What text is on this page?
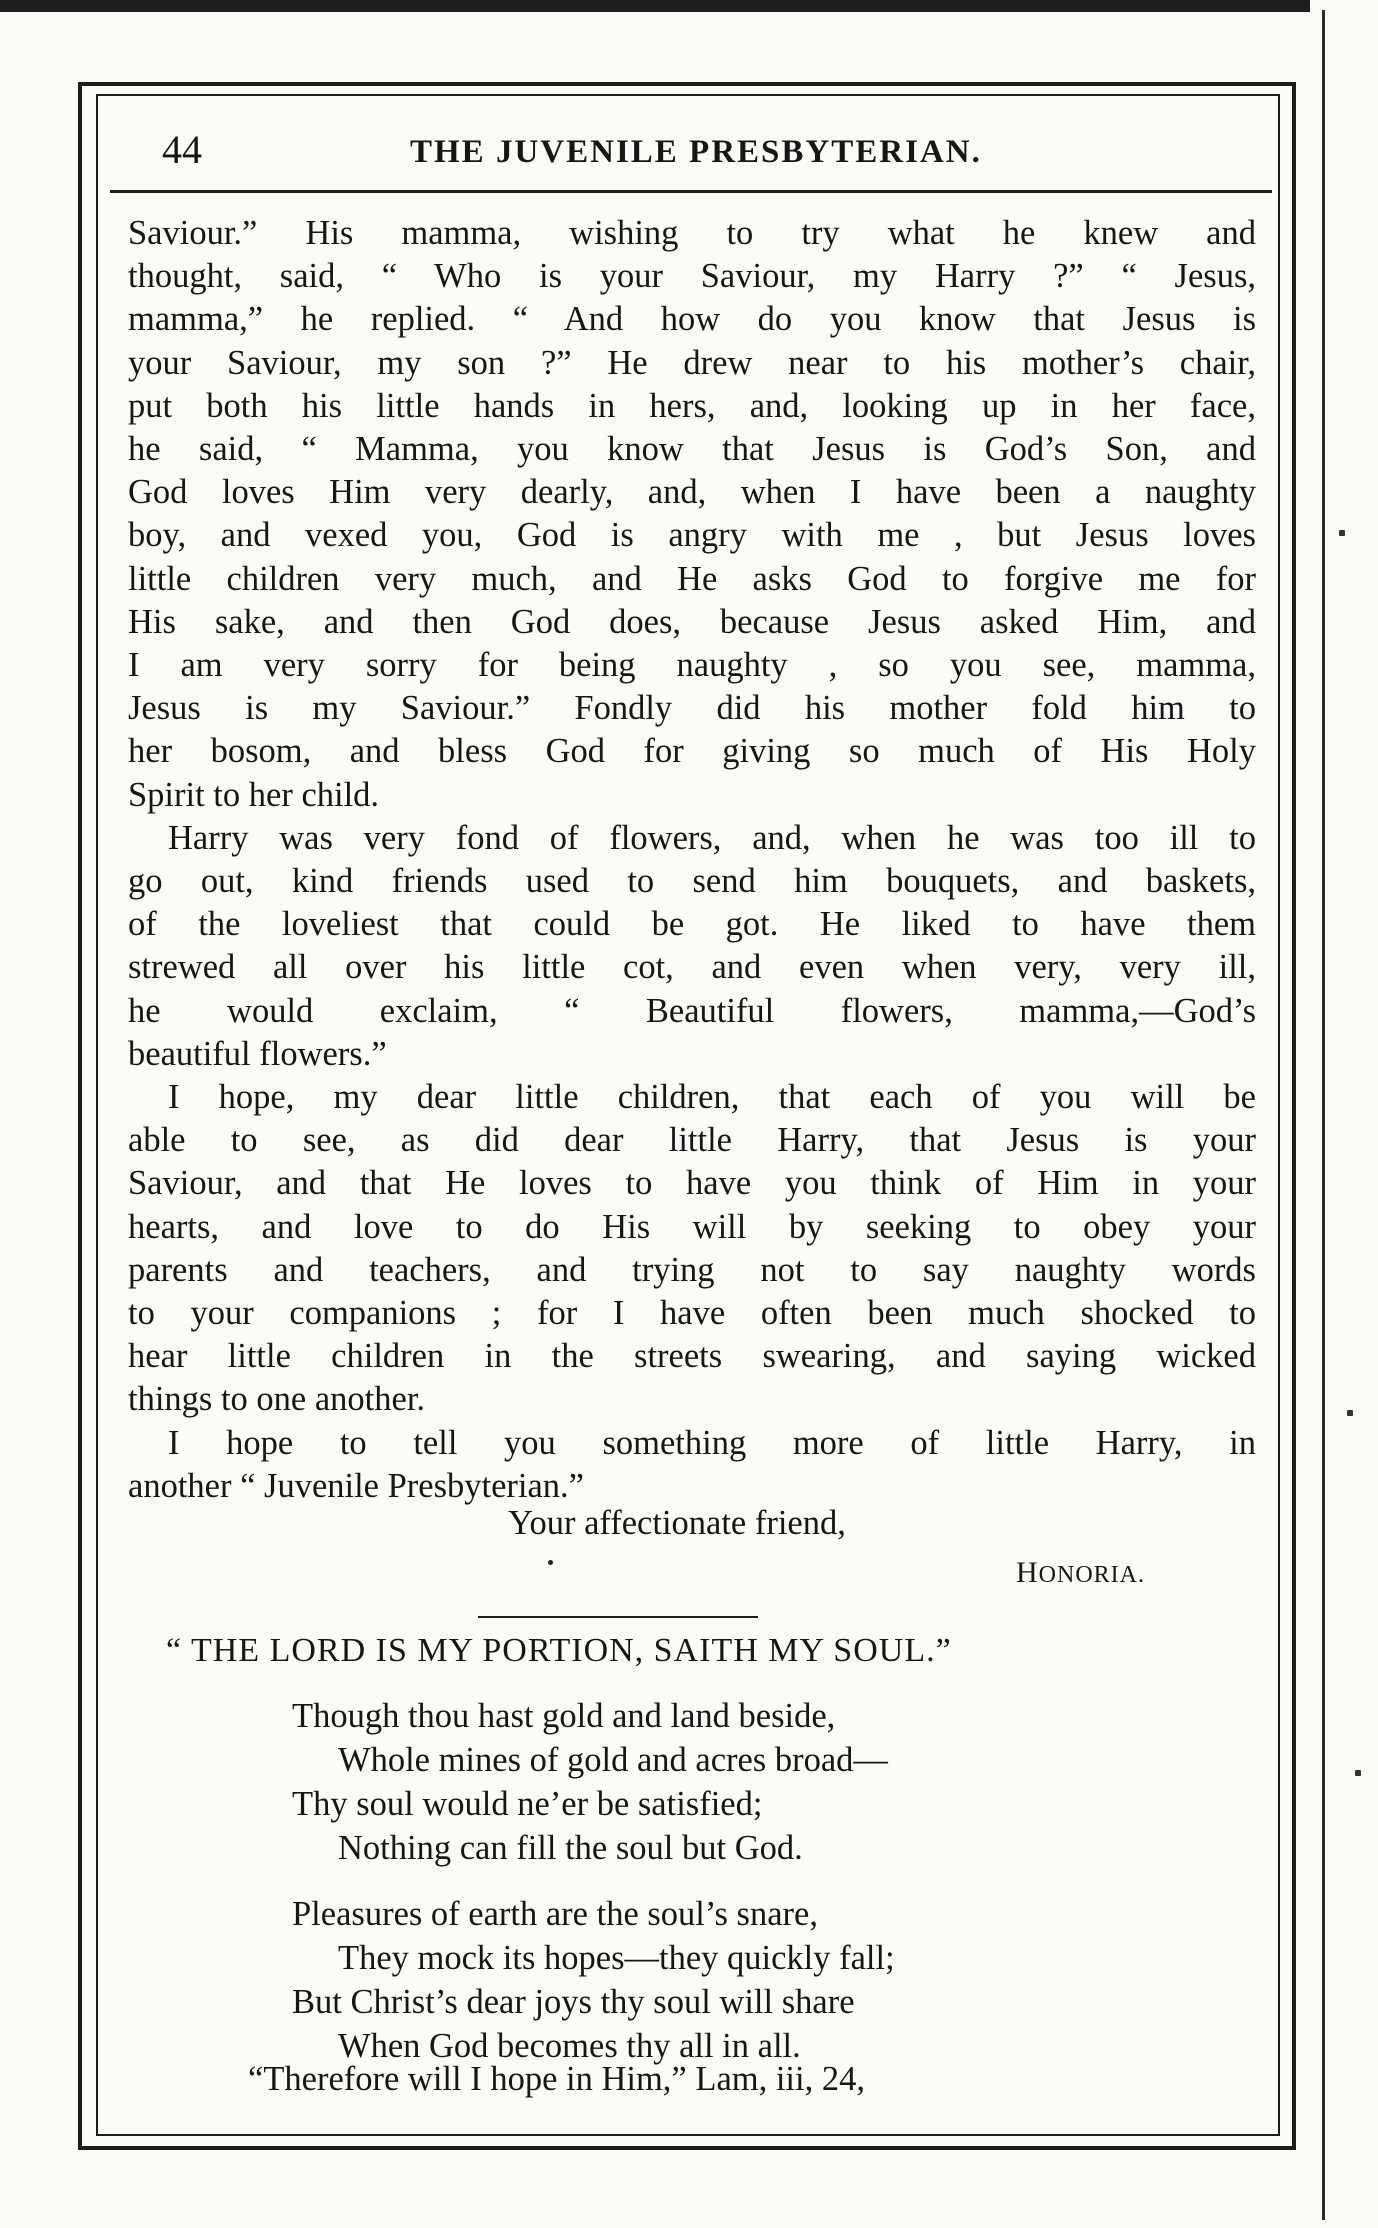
44	THE JUVENILE PRESBYTERIAN.
Saviour.” His mamma, wishing to try what he knew and
thought, said, “ Who is your Saviour, my Harry ?” “ Jesus,
mamma,” he replied. “ And how do you know that Jesus is
your Saviour, my son ?” He drew near to his mother’s chair,
put both his little hands in hers, and, looking up in her face,
he said, “ Mamma, you know that Jesus is God’s Son, and
God loves Him very dearly, and, when I have been a naughty
boy, and vexed you, God is angry with me , but Jesus loves
little children very much, and He asks God to forgive me for
His sake, and then God does, because Jesus asked Him, and
I am very sorry for being naughty , so you see, mamma,
Jesus is my Saviour.” Fondly did his mother fold him to
her bosom, and bless God for giving so much of His Holy
Spirit to her child.
Harry was very fond of flowers, and, when he was too ill to
go out, kind friends used to send him bouquets, and baskets,
of the loveliest that could be got. He liked to have them
strewed all over his little cot, and even when very, very ill,
he would exclaim, “ Beautiful flowers, mamma,—God’s
beautiful flowers.”
I hope, my dear little children, that each of you will be
able to see, as did dear little Harry, that Jesus is your
Saviour, and that He loves to have you think of Him in your
hearts, and love to do His will by seeking to obey your
parents and teachers, and trying not to say naughty words
to your companions ; for I have often been much shocked to
hear little children in the streets swearing, and saying wicked
things to one another.
I hope to tell you something more of little Harry, in
another “ Juvenile Presbyterian.”
Your affectionate friend,
HONORIA.
“ THE LORD IS MY PORTION, SAITH MY SOUL.”
Though thou hast gold and land beside,
Whole mines of gold and acres broad—
Thy soul would ne’er be satisfied;
Nothing can fill the soul but God.
Pleasures of earth are the soul’s snare,
They mock its hopes—they quickly fall;
But Christ’s dear joys thy soul will share
When God becomes thy all in all.
“Therefore will I hope in Him,” Lam, iii, 24,
